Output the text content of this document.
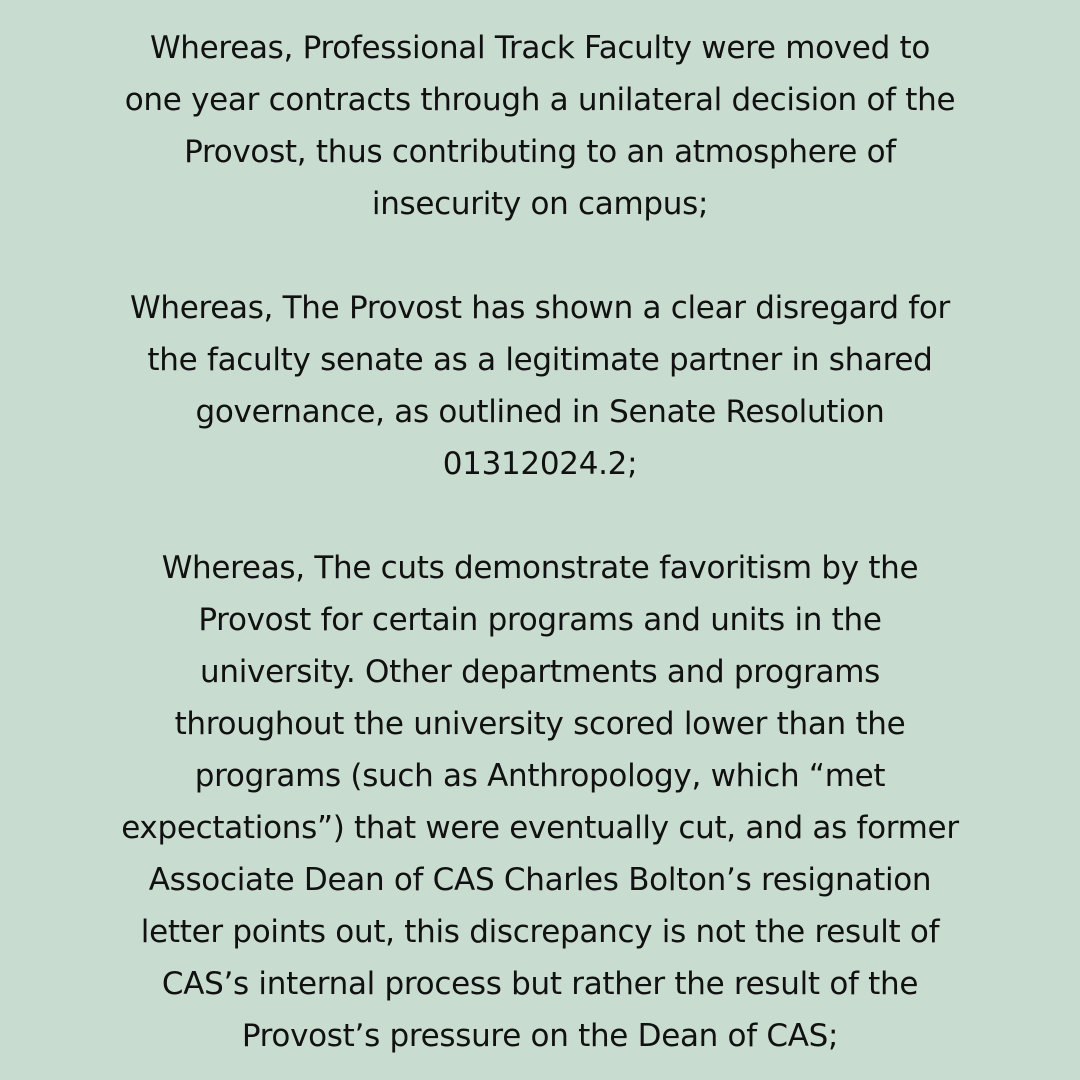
Whereas, Professional Track Faculty were moved to
one year contracts through a unilateral decision of the
Provost, thus contributing to an atmosphere of
insecurity on campus;

Whereas, The Provost has shown a clear disregard for
the faculty senate as a legitimate partner in shared
governance, as outlined in Senate Resolution
01312024.2;

Whereas, The cuts demonstrate favoritism by the
Provost for certain programs and units in the
university. Other departments and programs
throughout the university scored lower than the
programs (such as Anthropology, which “met
expectations”) that were eventually cut, and as former
Associate Dean of CAS Charles Bolton’s resignation
letter points out, this discrepancy is not the result of
CAS’s internal process but rather the result of the
Provost’s pressure on the Dean of CAS;
